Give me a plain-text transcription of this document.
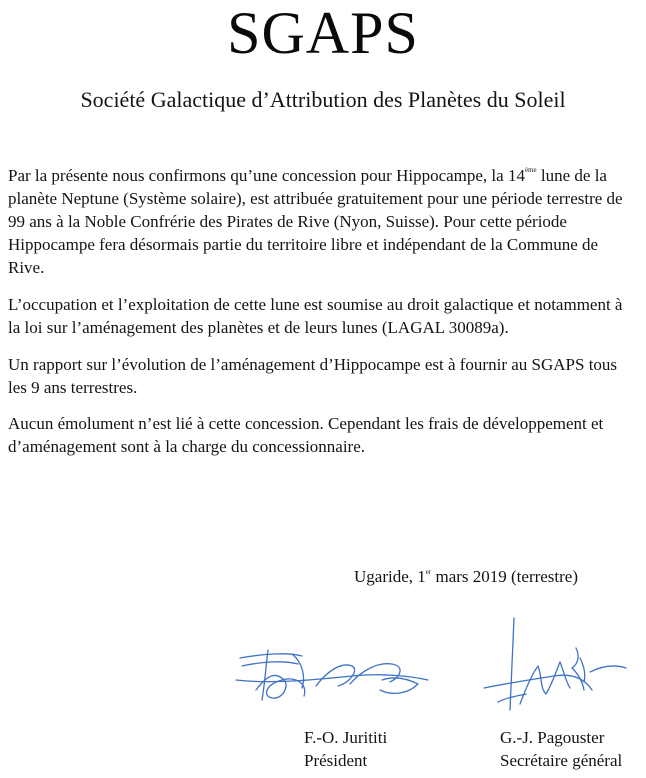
SGAPS
Société Galactique d’Attribution des Planètes du Soleil

Par la présente nous confirmons qu’une concession pour Hippocampe, la 14ème lune de la planète Neptune (Système solaire), est attribuée gratuitement pour une période terrestre de 99 ans à la Noble Confrérie des Pirates de Rive (Nyon, Suisse). Pour cette période Hippocampe fera désormais partie du territoire libre et indépendant de la Commune de Rive.

L’occupation et l’exploitation de cette lune est soumise au droit galactique et notamment à la loi sur l’aménagement des planètes et de leurs lunes (LAGAL 30089a).

Un rapport sur l’évolution de l’aménagement d’Hippocampe est à fournir au SGAPS tous les 9 ans terrestres.

Aucun émolument n’est lié à cette concession. Cependant les frais de développement et d’aménagement sont à la charge du concessionnaire.

Ugaride, 1er mars 2019 (terrestre)
F.-O. Jurititi
Président
G.-J. Pagouster
Secrétaire général
